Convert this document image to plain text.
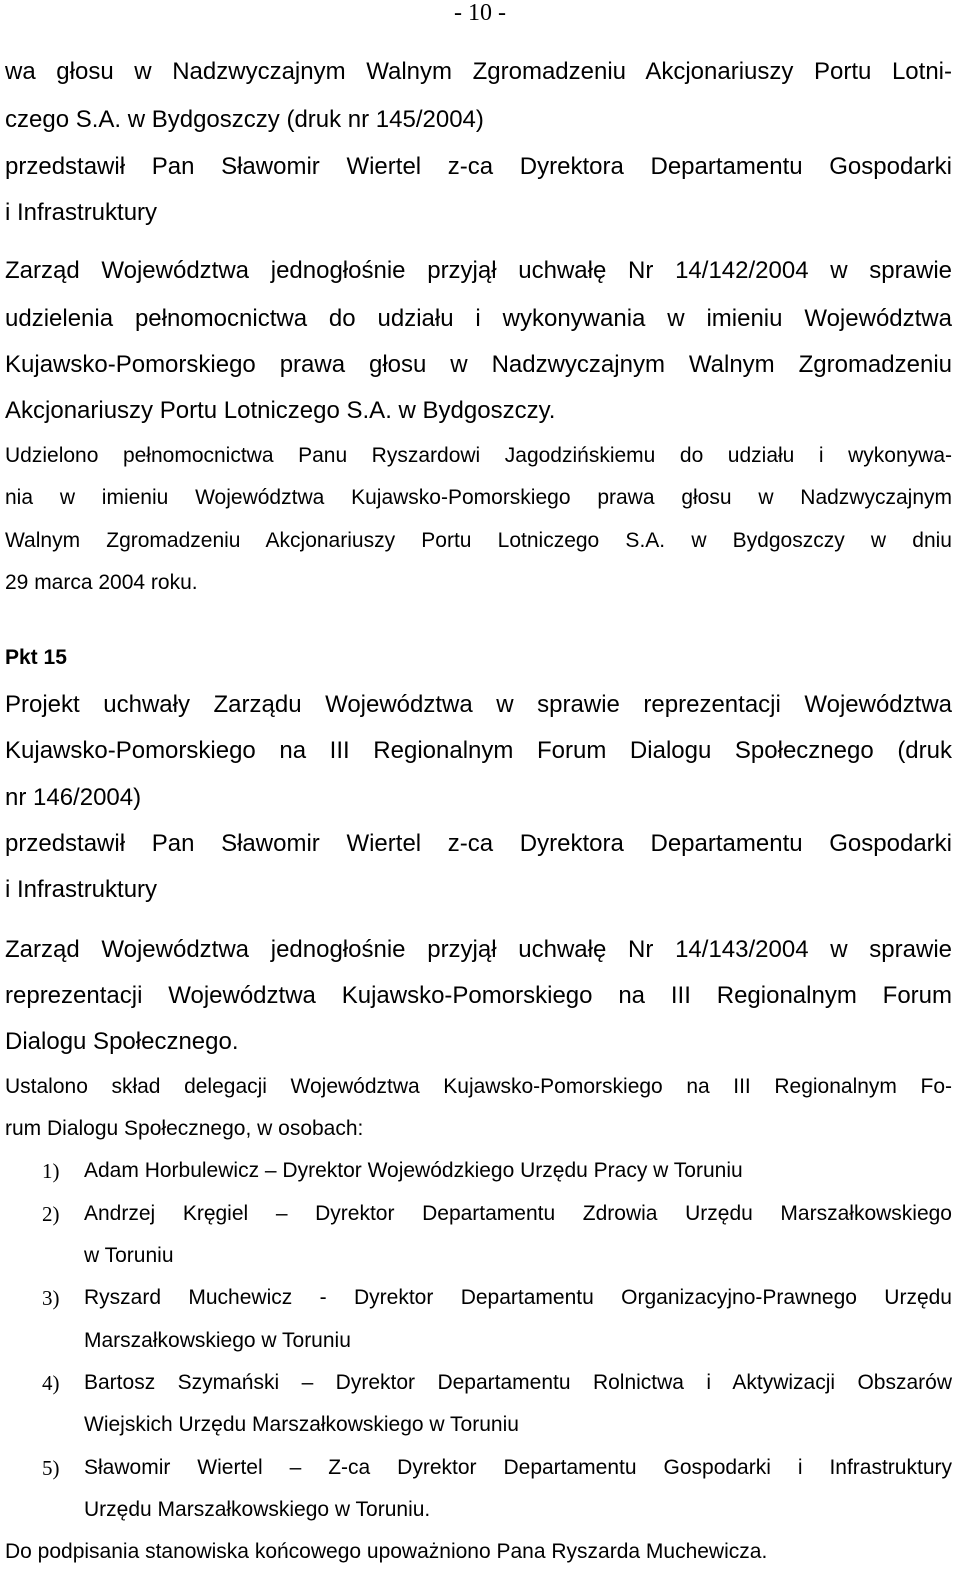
- 10 -
wa głosu w Nadzwyczajnym Walnym Zgromadzeniu Akcjonariuszy Portu Lotni-
czego S.A. w Bydgoszczy (druk nr 145/2004)
przedstawił Pan Sławomir Wiertel z-ca Dyrektora Departamentu Gospodarki
i Infrastruktury
Zarząd Województwa jednogłośnie przyjął uchwałę Nr 14/142/2004 w sprawie
udzielenia pełnomocnictwa do udziału i wykonywania w imieniu Województwa
Kujawsko-Pomorskiego prawa głosu w Nadzwyczajnym Walnym Zgromadzeniu
Akcjonariuszy Portu Lotniczego S.A. w Bydgoszczy.
Udzielono pełnomocnictwa Panu Ryszardowi Jagodzińskiemu do udziału i wykonywa-
nia w imieniu Województwa Kujawsko-Pomorskiego prawa głosu w Nadzwyczajnym
Walnym Zgromadzeniu Akcjonariuszy Portu Lotniczego S.A. w Bydgoszczy w dniu
29 marca 2004 roku.
Pkt 15
Projekt uchwały Zarządu Województwa w sprawie reprezentacji Województwa
Kujawsko-Pomorskiego na III Regionalnym Forum Dialogu Społecznego (druk
nr 146/2004)
przedstawił Pan Sławomir Wiertel z-ca Dyrektora Departamentu Gospodarki
i Infrastruktury
Zarząd Województwa jednogłośnie przyjął uchwałę Nr 14/143/2004 w sprawie
reprezentacji Województwa Kujawsko-Pomorskiego na III Regionalnym Forum
Dialogu Społecznego.
Ustalono skład delegacji Województwa Kujawsko-Pomorskiego na III Regionalnym Fo-
rum Dialogu Społecznego, w osobach:
1) Adam Horbulewicz – Dyrektor Wojewódzkiego Urzędu Pracy w Toruniu
2) Andrzej Kręgiel – Dyrektor Departamentu Zdrowia Urzędu Marszałkowskiego
w Toruniu
3) Ryszard Muchewicz - Dyrektor Departamentu Organizacyjno-Prawnego Urzędu
Marszałkowskiego w Toruniu
4) Bartosz Szymański – Dyrektor Departamentu Rolnictwa i Aktywizacji Obszarów
Wiejskich Urzędu Marszałkowskiego w Toruniu
5) Sławomir Wiertel – Z-ca Dyrektor Departamentu Gospodarki i Infrastruktury
Urzędu Marszałkowskiego w Toruniu.
Do podpisania stanowiska końcowego upoważniono Pana Ryszarda Muchewicza.
